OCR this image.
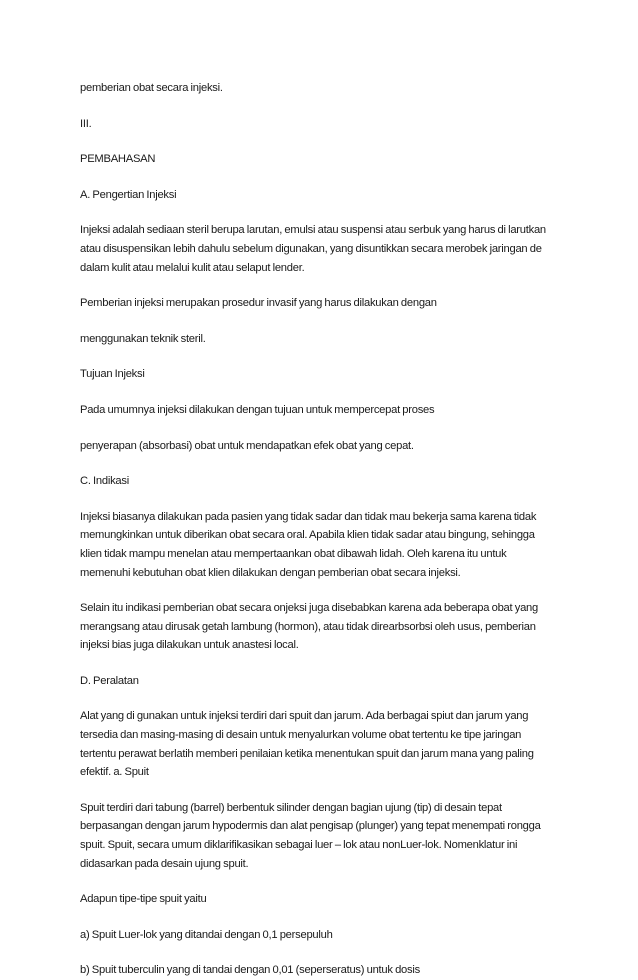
pemberian obat secara injeksi.

III.

PEMBAHASAN

A. Pengertian Injeksi

Injeksi adalah sediaan steril berupa larutan, emulsi atau suspensi atau serbuk yang harus di larutkan
atau disuspensikan lebih dahulu sebelum digunakan, yang disuntikkan secara merobek jaringan de
dalam kulit atau melalui kulit atau selaput lender.

Pemberian injeksi merupakan prosedur invasif yang harus dilakukan dengan

menggunakan teknik steril.

Tujuan Injeksi

Pada umumnya injeksi dilakukan dengan tujuan untuk mempercepat proses

penyerapan (absorbasi) obat untuk mendapatkan efek obat yang cepat.

C. Indikasi

Injeksi biasanya dilakukan pada pasien yang tidak sadar dan tidak mau bekerja sama karena tidak
memungkinkan untuk diberikan obat secara oral. Apabila klien tidak sadar atau bingung, sehingga
klien tidak mampu menelan atau mempertaankan obat dibawah lidah. Oleh karena itu untuk
memenuhi kebutuhan obat klien dilakukan dengan pemberian obat secara injeksi.

Selain itu indikasi pemberian obat secara onjeksi juga disebabkan karena ada beberapa obat yang
merangsang atau dirusak getah lambung (hormon), atau tidak direarbsorbsi oleh usus, pemberian
injeksi bias juga dilakukan untuk anastesi local.

D. Peralatan

Alat yang di gunakan untuk injeksi terdiri dari spuit dan jarum. Ada berbagai spiut dan jarum yang
tersedia dan masing-masing di desain untuk menyalurkan volume obat tertentu ke tipe jaringan
tertentu perawat berlatih memberi penilaian ketika menentukan spuit dan jarum mana yang paling
efektif. a. Spuit

Spuit terdiri dari tabung (barrel) berbentuk silinder dengan bagian ujung (tip) di desain tepat
berpasangan dengan jarum hypodermis dan alat pengisap (plunger) yang tepat menempati rongga
spuit. Spuit, secara umum diklarifikasikan sebagai luer – lok atau nonLuer-lok. Nomenklatur ini
didasarkan pada desain ujung spuit.

Adapun tipe-tipe spuit yaitu

a) Spuit Luer-lok yang ditandai dengan 0,1 persepuluh

b) Spuit tuberculin yang di tandai dengan 0,01 (seperseratus) untuk dosis
